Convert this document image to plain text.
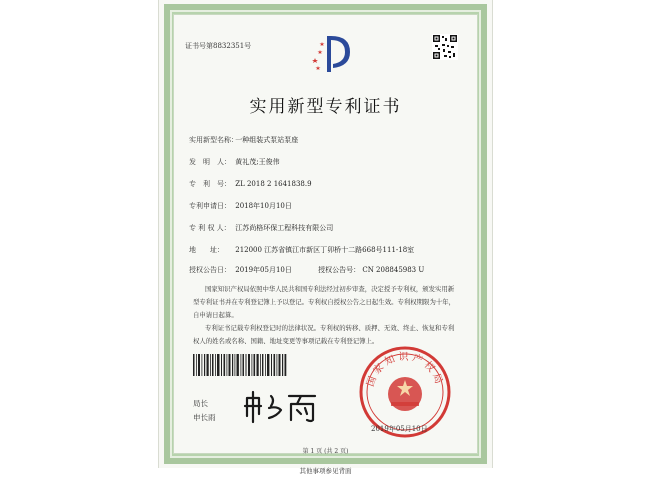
证书号第8832351号
实用新型专利证书
实用新型名称： 一种组装式泵站泵座
发　明　人： 黄礼茂;王俊伟
专　利　号： ZL 2018 2 1641838.9
专利申请日： 2018年10月10日
专 利 权 人： 江苏尚格环保工程科技有限公司
地　　址： 212000 江苏省镇江市新区丁卯桥十二路668号111-18室
授权公告日： 2019年05月10日	授权公告号： CN 208845983 U

国家知识产权局依照中华人民共和国专利法经过初步审查，决定授予专利权，颁发实用新型专利证书并在专利登记簿上予以登记。专利权自授权公告之日起生效。专利权期限为十年，自申请日起算。

专利证书记载专利权登记时的法律状况。专利权的转移、质押、无效、终止、恢复和专利权人的姓名或名称、国籍、地址变更等事项记载在专利登记簿上。

局长
申长雨
国家知识产权局
2019年05月10日
第 1 页 (共 2 页)
其他事项参见背面
